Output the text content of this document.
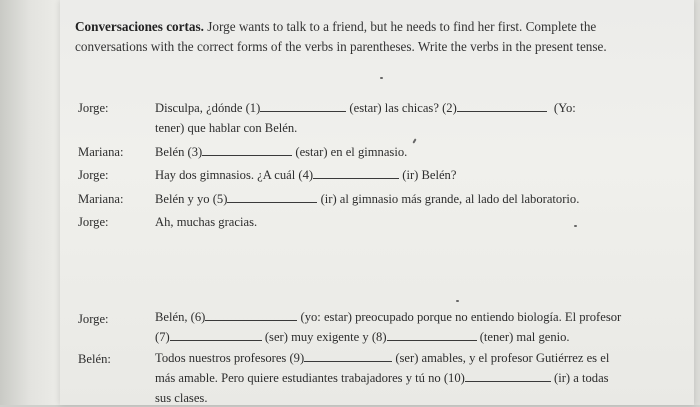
Conversaciones cortas. Jorge wants to talk to a friend, but he needs to find her first. Complete the conversations with the correct forms of the verbs in parentheses. Write the verbs in the present tense.
Jorge:	Disculpa, ¿dónde (1)	(estar) las chicas? (2)	(Yo:
tener) que hablar con Belén.
Mariana:	Belén (3)	(estar) en el gimnasio.
Jorge:	Hay dos gimnasios. ¿A cuál (4)	(ir) Belén?
Mariana:	Belén y yo (5)	(ir) al gimnasio más grande, al lado del laboratorio.
Jorge:	Ah, muchas gracias.
Jorge:	Belén, (6)	(yo: estar) preocupado porque no entiendo biología. El profesor
(7)	(ser) muy exigente y (8)	(tener) mal genio.
Belén:	Todos nuestros profesores (9)	(ser) amables, y el profesor Gutiérrez es el
más amable. Pero quiere estudiantes trabajadores y tú no (10)	(ir) a todas
sus clases.
